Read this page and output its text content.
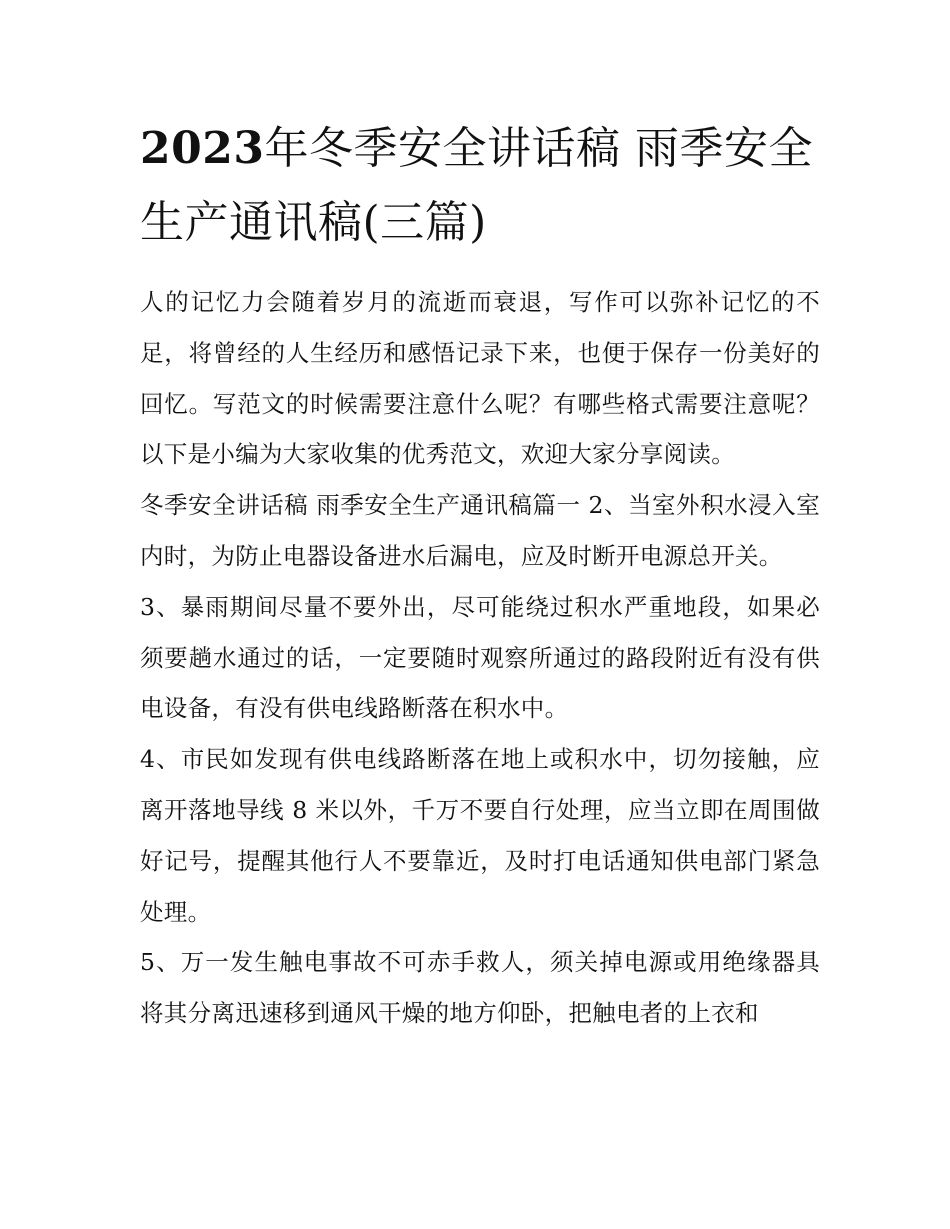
2023年冬季安全讲话稿 雨季安全生产通讯稿(三篇)

人的记忆力会随着岁月的流逝而衰退，写作可以弥补记忆的不足，将曾经的人生经历和感悟记录下来，也便于保存一份美好的回忆。写范文的时候需要注意什么呢？有哪些格式需要注意呢？以下是小编为大家收集的优秀范文，欢迎大家分享阅读。

冬季安全讲话稿 雨季安全生产通讯稿篇一 2、当室外积水浸入室内时，为防止电器设备进水后漏电，应及时断开电源总开关。

3、暴雨期间尽量不要外出，尽可能绕过积水严重地段，如果必须要趟水通过的话，一定要随时观察所通过的路段附近有没有供电设备，有没有供电线路断落在积水中。

4、市民如发现有供电线路断落在地上或积水中，切勿接触，应离开落地导线 8 米以外，千万不要自行处理，应当立即在周围做好记号，提醒其他行人不要靠近，及时打电话通知供电部门紧急处理。

5、万一发生触电事故不可赤手救人，须关掉电源或用绝缘器具将其分离迅速移到通风干燥的地方仰卧，把触电者的上衣和
